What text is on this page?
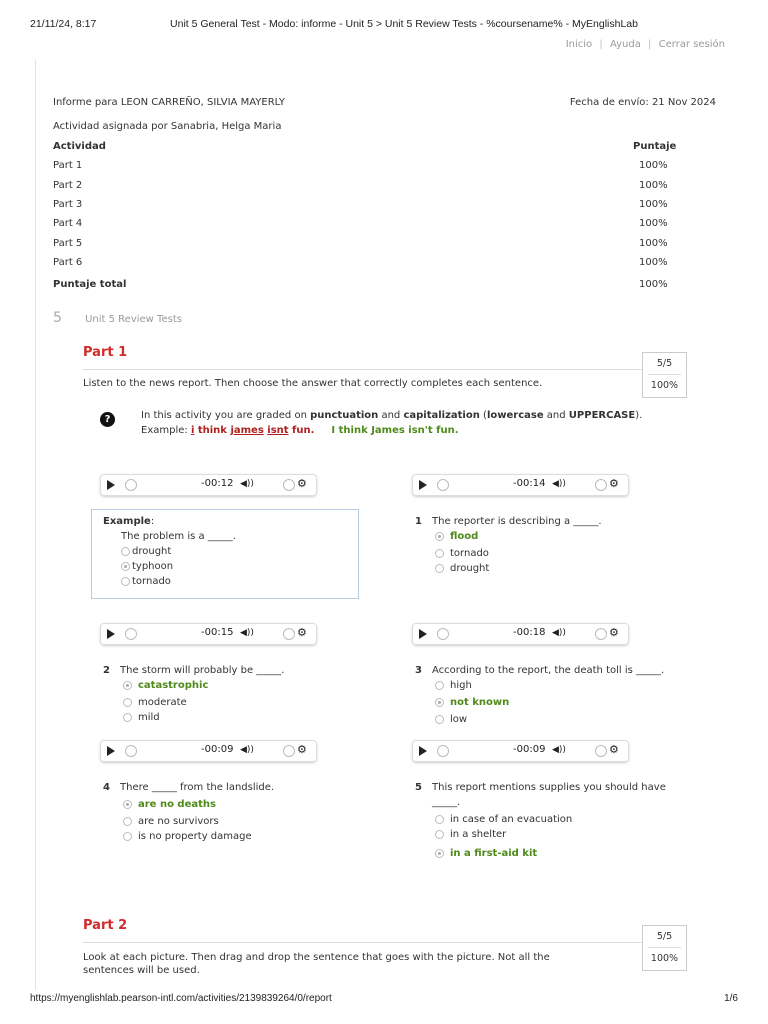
21/11/24, 8:17	Unit 5 General Test - Modo: informe - Unit 5 > Unit 5 Review Tests - %coursename% - MyEnglishLab
Inicio | Ayuda | Cerrar sesión
Informe para LEON CARREÑO, SILVIA MAYERLY	Fecha de envío: 21 Nov 2024
Actividad asignada por Sanabria, Helga Maria
Actividad	Puntaje
Part 1	100%
Part 2	100%
Part 3	100%
Part 4	100%
Part 5	100%
Part 6	100%
Puntaje total	100%
5 Unit 5 Review Tests
Part 1
Listen to the news report. Then choose the answer that correctly completes each sentence.
5/5
100%
?	In this activity you are graded on punctuation and capitalization (lowercase and UPPERCASE).
Example: i think james isnt fun. I think James isn't fun.
-00:12 ◀))	⚙	-00:14 ◀))	⚙
-00:15 ◀))	⚙	-00:18 ◀))	⚙
-00:09 ◀))	⚙	-00:09 ◀))	⚙
Example:
The problem is a _____.
drought
typhoon
tornado
1 The reporter is describing a _____.
flood
tornado
drought
2 The storm will probably be _____.
catastrophic
moderate
mild
3 According to the report, the death toll is _____.
high
not known
low
4 There _____ from the landslide.
are no deaths
are no survivors
is no property damage
5 This report mentions supplies you should have _____.
in case of an evacuation
in a shelter
in a first-aid kit
Part 2
Look at each picture. Then drag and drop the sentence that goes with the picture. Not all the sentences will be used.
5/5
100%
https://myenglishlab.pearson-intl.com/activities/2139839264/0/report	1/6
